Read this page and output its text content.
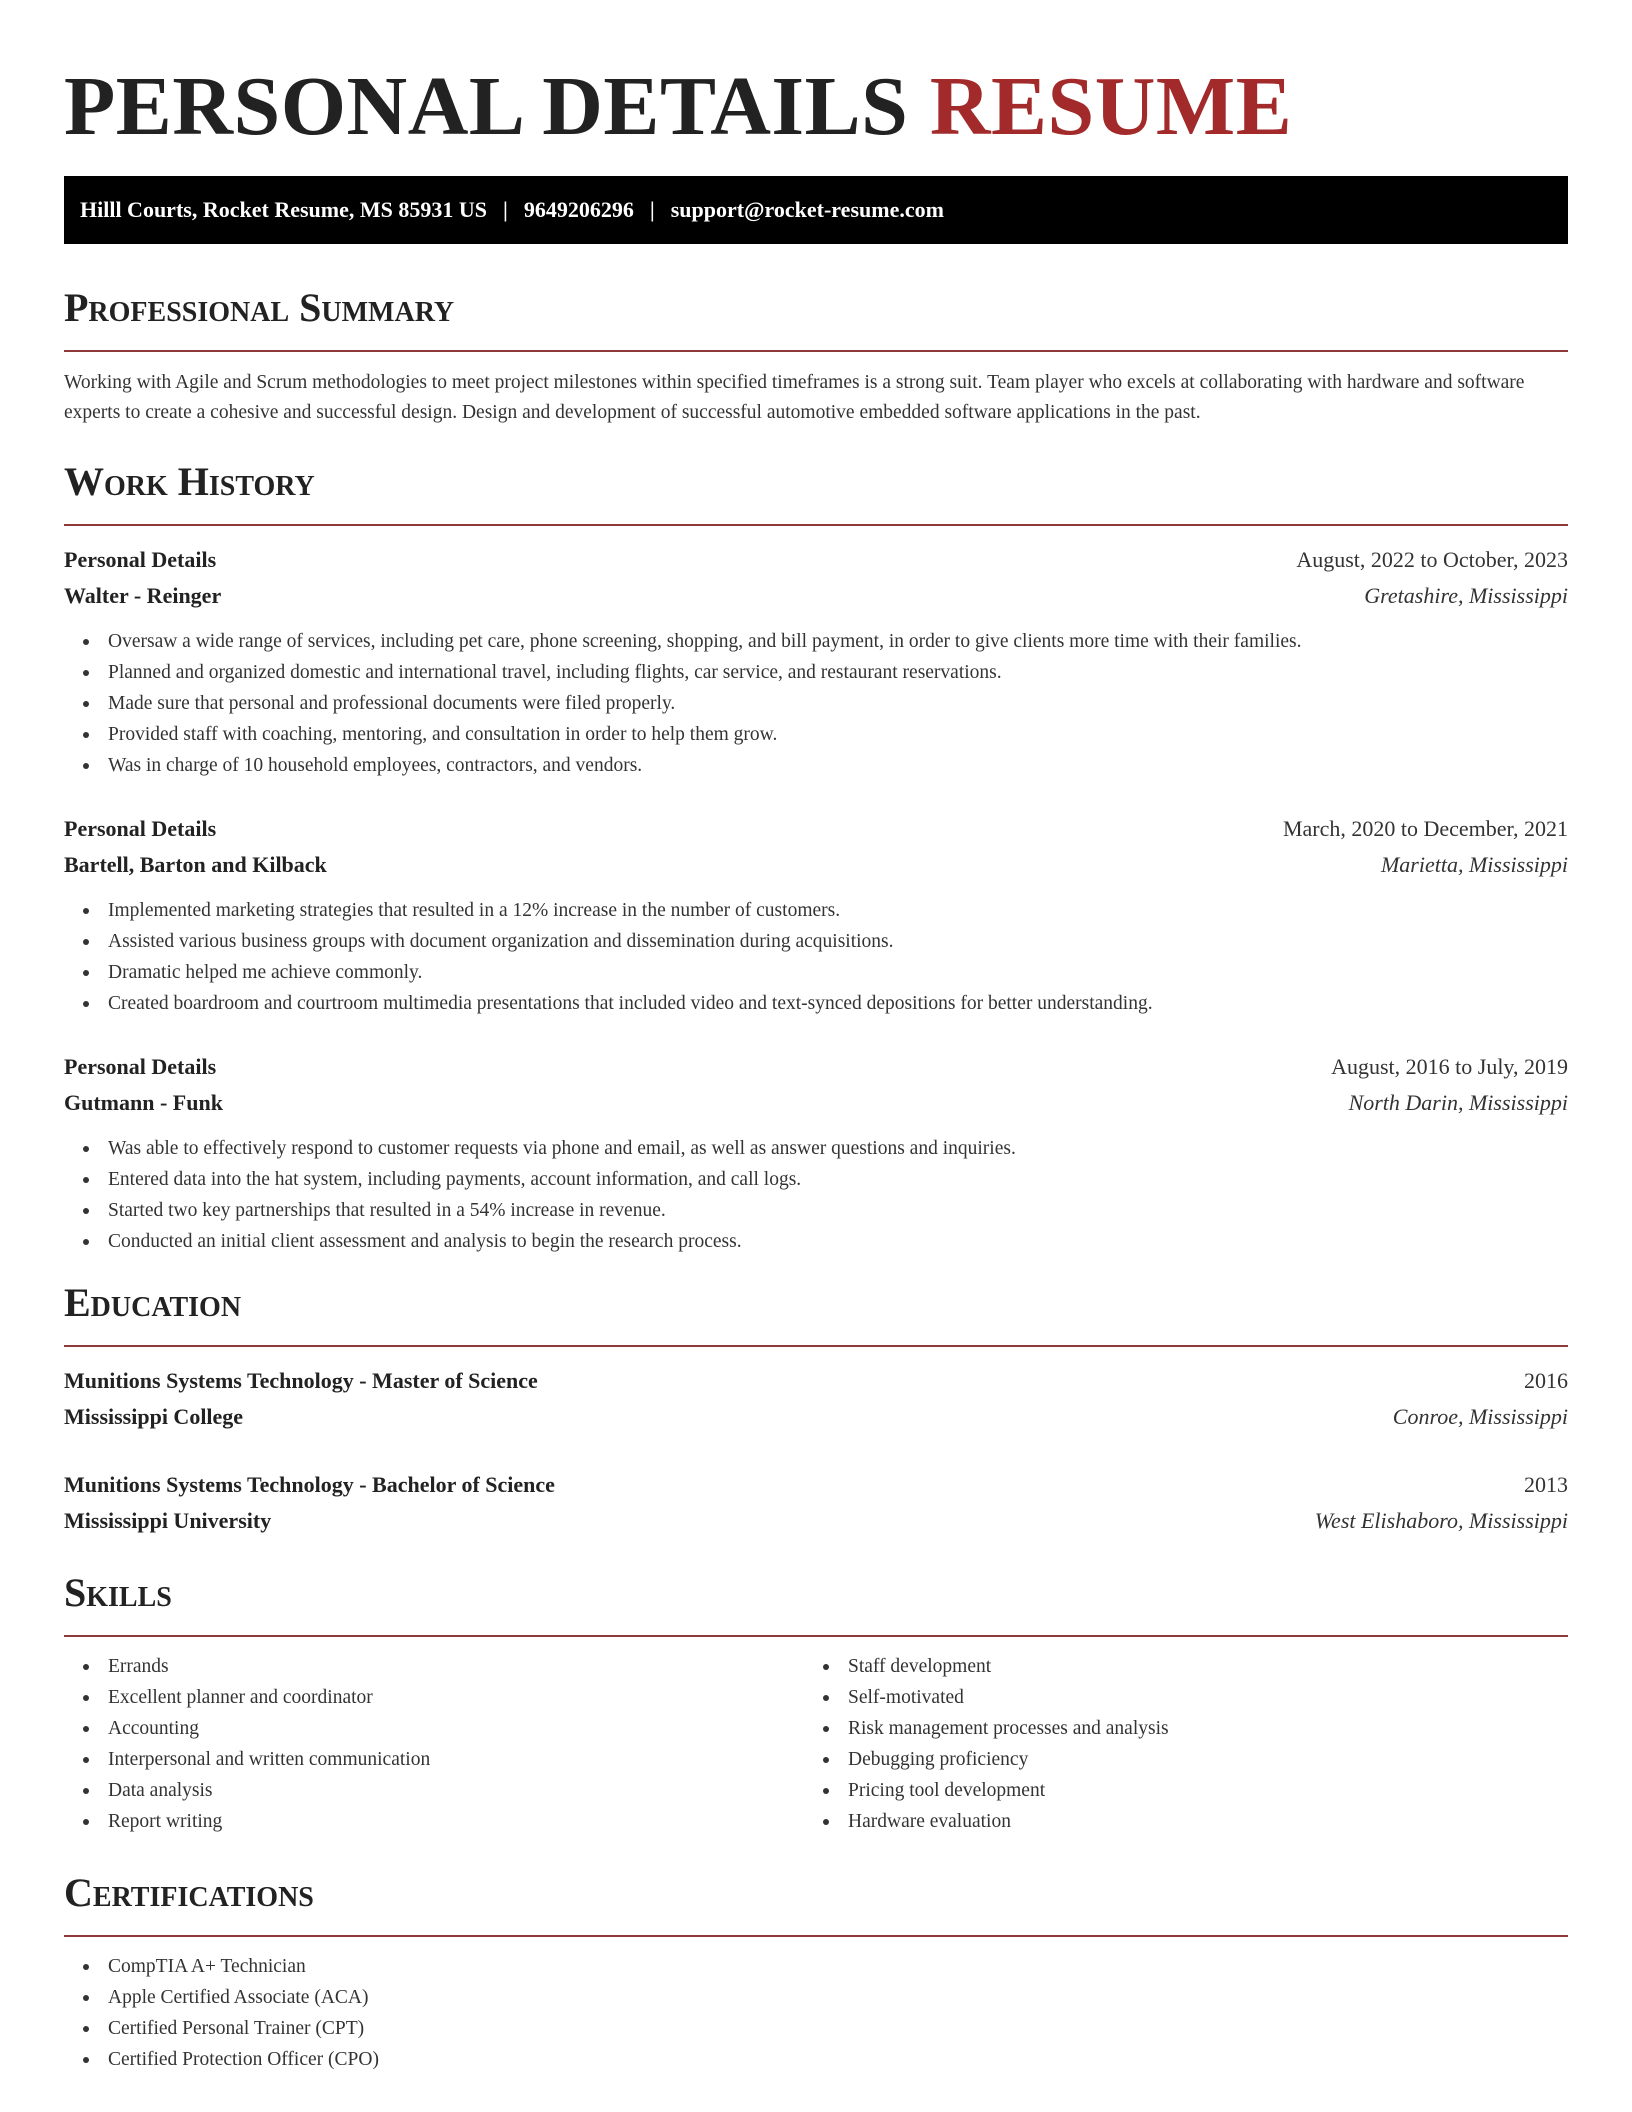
PERSONAL DETAILS RESUME
Hilll Courts, Rocket Resume, MS 85931 US | 9649206296 | support@rocket-resume.com
Professional Summary
Working with Agile and Scrum methodologies to meet project milestones within specified timeframes is a strong suit. Team player who excels at collaborating with hardware and software experts to create a cohesive and successful design. Design and development of successful automotive embedded software applications in the past.
Work History
Personal Details	August, 2022 to October, 2023
Walter - Reinger	Gretashire, Mississippi
Oversaw a wide range of services, including pet care, phone screening, shopping, and bill payment, in order to give clients more time with their families.
Planned and organized domestic and international travel, including flights, car service, and restaurant reservations.
Made sure that personal and professional documents were filed properly.
Provided staff with coaching, mentoring, and consultation in order to help them grow.
Was in charge of 10 household employees, contractors, and vendors.
Personal Details	March, 2020 to December, 2021
Bartell, Barton and Kilback	Marietta, Mississippi
Implemented marketing strategies that resulted in a 12% increase in the number of customers.
Assisted various business groups with document organization and dissemination during acquisitions.
Dramatic helped me achieve commonly.
Created boardroom and courtroom multimedia presentations that included video and text-synced depositions for better understanding.
Personal Details	August, 2016 to July, 2019
Gutmann - Funk	North Darin, Mississippi
Was able to effectively respond to customer requests via phone and email, as well as answer questions and inquiries.
Entered data into the hat system, including payments, account information, and call logs.
Started two key partnerships that resulted in a 54% increase in revenue.
Conducted an initial client assessment and analysis to begin the research process.
Education
Munitions Systems Technology - Master of Science	2016
Mississippi College	Conroe, Mississippi
Munitions Systems Technology - Bachelor of Science	2013
Mississippi University	West Elishaboro, Mississippi
Skills
Errands
Excellent planner and coordinator
Accounting
Interpersonal and written communication
Data analysis
Report writing
Staff development
Self-motivated
Risk management processes and analysis
Debugging proficiency
Pricing tool development
Hardware evaluation
Certifications
CompTIA A+ Technician
Apple Certified Associate (ACA)
Certified Personal Trainer (CPT)
Certified Protection Officer (CPO)
